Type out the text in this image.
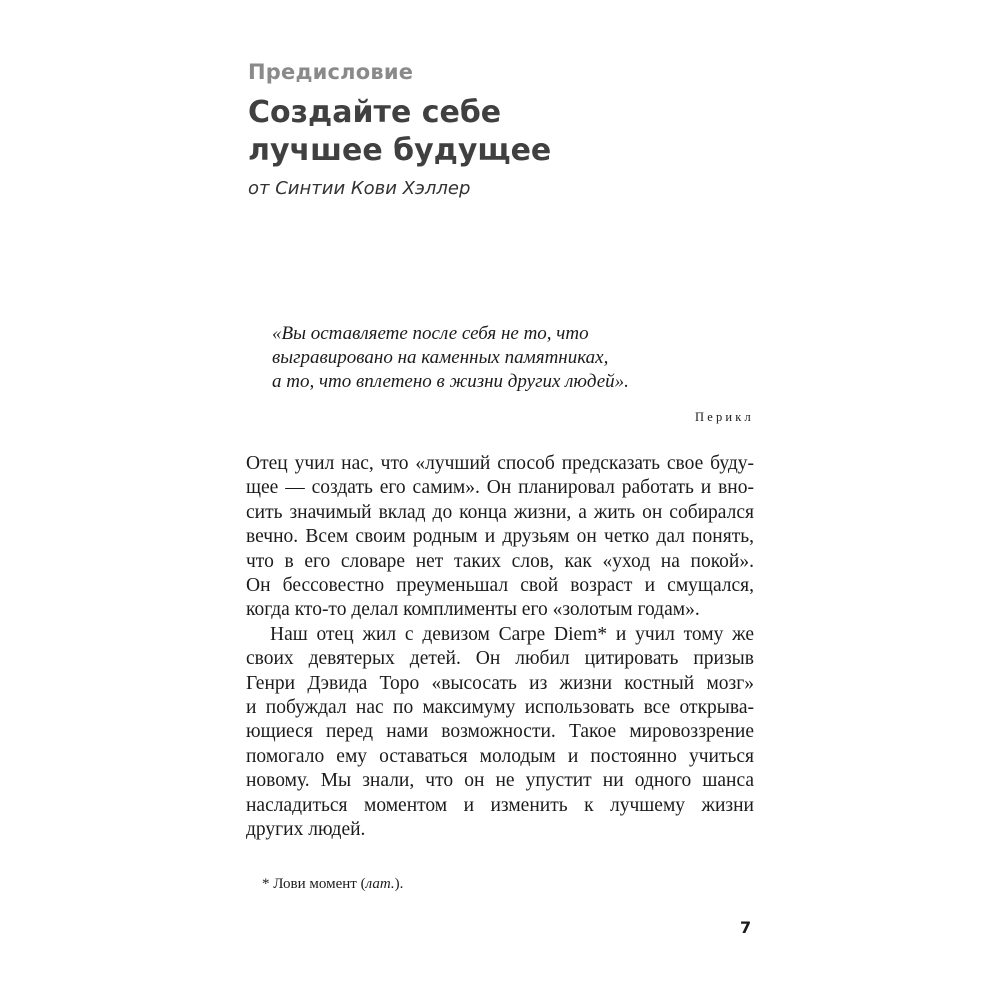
Предисловие
Создайте себе
лучшее будущее
от Синтии Кови Хэллер
«Вы оставляете после себя не то, что
выгравировано на каменных памятниках,
а то, что вплетено в жизни других людей».
Перикл
Отец учил нас, что «лучший способ предсказать свое буду-
щее — создать его самим». Он планировал работать и вно-
сить значимый вклад до конца жизни, а жить он собирался
вечно. Всем своим родным и друзьям он четко дал понять,
что в его словаре нет таких слов, как «уход на покой».
Он бессовестно преуменьшал свой возраст и смущался,
когда кто-то делал комплименты его «золотым годам».
Наш отец жил с девизом Carpe Diem* и учил тому же
своих девятерых детей. Он любил цитировать призыв
Генри Дэвида Торо «высосать из жизни костный мозг»
и побуждал нас по максимуму использовать все открыва-
ющиеся перед нами возможности. Такое мировоззрение
помогало ему оставаться молодым и постоянно учиться
новому. Мы знали, что он не упустит ни одного шанса
насладиться моментом и изменить к лучшему жизни
других людей.
* Лови момент (лат.).
7
